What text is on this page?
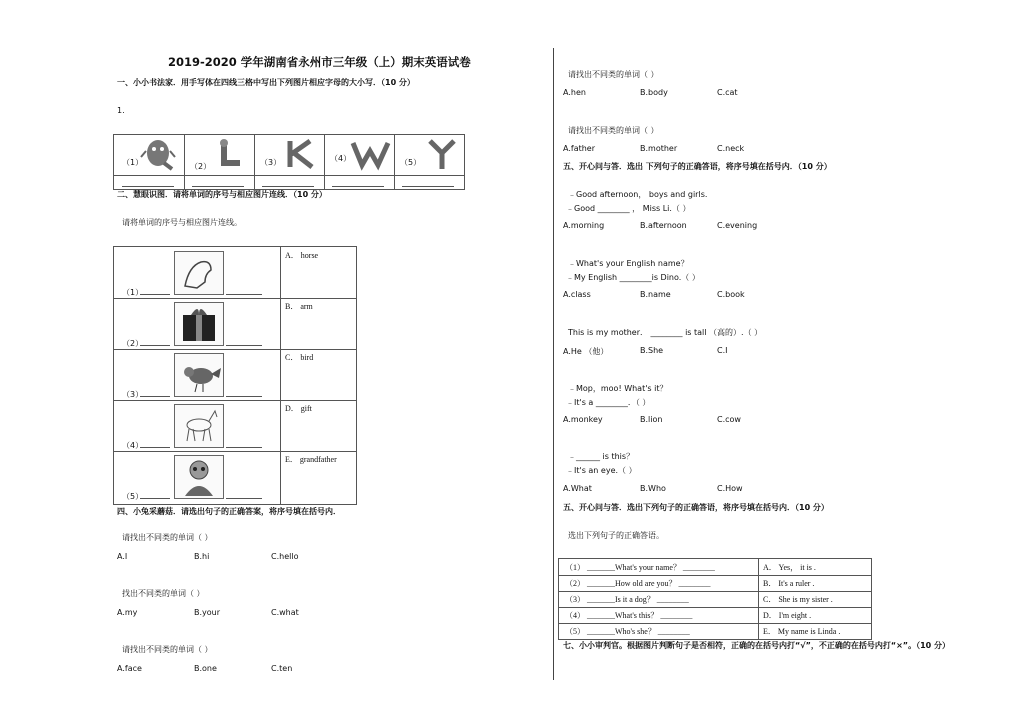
2019-2020 学年湖南省永州市三年级（上）期末英语试卷
一、小小书法家．用手写体在四线三格中写出下列图片相应字母的大小写．（10 分）
1.
（1）	（2）	（3）	（4）	（5）
二、慧眼识图．请将单词的序号与相应图片连线．（10 分）
请将单词的序号与相应图片连线。
（1）
A． horse
（2）
B． arm
（3）
C． bird
（4）
D． gift
（5）
E． grandfather
四、小兔采蘑菇．请选出句子的正确答案，将序号填在括号内．
请找出不同类的单词（ ）
A.I	B.hi	C.hello
找出不同类的单词（ ）
A.my	B.your	C.what
请找出不同类的单词（ ）
A.face	B.one	C.ten
请找出不同类的单词（ ）
A.hen	B.body	C.cat
请找出不同类的单词（ ）
A.father	B.mother	C.neck
五、开心问与答．选出 下列句子的正确答语，将序号填在括号内．（10 分）
﹣Good afternoon， boys and girls.
﹣Good ________ ， Miss Li.（ ）
A.morning	B.afternoon	C.evening
﹣What's your English name？
﹣My English ________is Dino.（ ）
A.class	B.name	C.book
This is my mother． ________ is tall （高的）.（ ）
A.He （他）	B.She	C.I
﹣Mop，moo! What's it？
﹣It's a ________．（ ）
A.monkey	B.lion	C.cow
﹣______ is this？
﹣It's an eye.（ ）
A.What	B.Who	C.How
五、开心问与答．选出下列句子的正确答语，将序号填在括号内．（10 分）
选出下列句子的正确答语。
（1） _______What's your name？ ________	A． Yes， it is .
（2） _______How old are you？ ________	B． It's a ruler .
（3） _______Is it a dog？ ________	C． She is my sister .
（4） _______What's this？ ________	D． I'm eight .
（5） _______Who's she？ ________	E． My name is Linda .
七、小小审判官。根据图片判断句子是否相符，正确的在括号内打“√”，不正确的在括号内打“×”。（10 分）
